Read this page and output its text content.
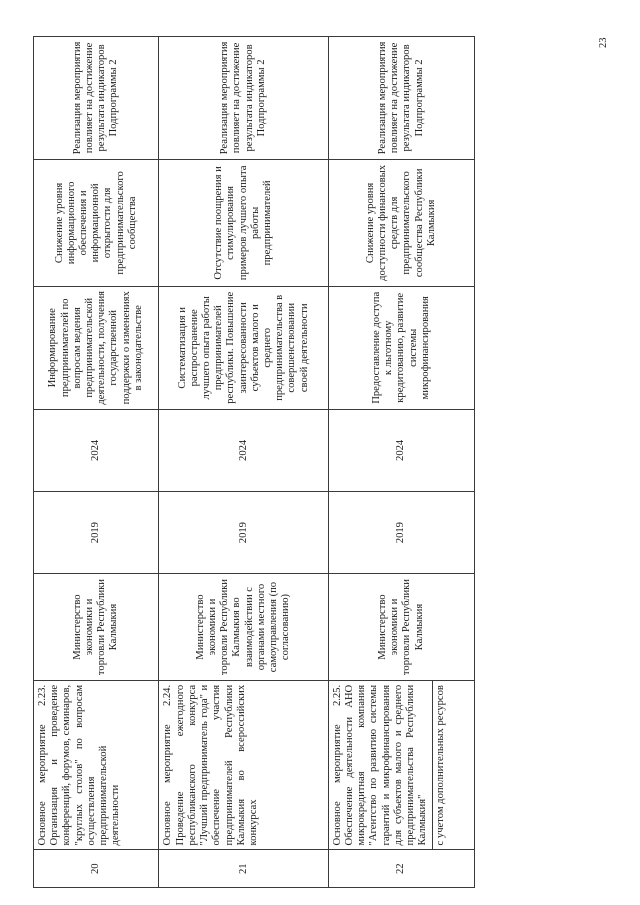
23
20	Основное мероприятие 2.23. Организация и проведение конференций, форумов, семинаров, "круглых столов" по вопросам осуществления предпринимательской деятельности	Министерство экономики и торговли Республики Калмыкия	2019	2024	Информирование предпринимателей по вопросам ведения предпринимательской деятельности, получения государственной поддержки о изменениях в законодательстве	Снижение уровня информационного обеспечения и информационной открытости для предпринимательского сообщества	Реализация мероприятия повлияет на достижение результата индикаторов Подпрограммы 2
21	Основное мероприятие 2.24. Проведение ежегодного республиканского конкурса "Лучший предприниматель года" и обеспечение участия предпринимателей Республики Калмыкия во всероссийских конкурсах	Министерство экономики и торговли Республики Калмыкия во взаимодействии с органами местного самоуправления (по согласованию)	2019	2024	Систематизация и распространение лучшего опыта работы предпринимателей республики. Повышение заинтересованности субъектов малого и среднего предпринимательства в совершенствовании своей деятельности	Отсутствие поощрения и стимулирования примеров лучшего опыта работы предпринимателей	Реализация мероприятия повлияет на достижение результата индикаторов Подпрограммы 2
22	Основное мероприятие 2.25. Обеспечение деятельности АНО микрокредитная компания "Агентство по развитию системы гарантий и микрофинансирования для субъектов малого и среднего предпринимательства Республики Калмыкия" с учетом дополнительных ресурсов	Министерство экономики и торговли Республики Калмыкия	2019	2024	Предоставление доступа к льготному кредитованию, развитие системы микрофинансирования	Снижение уровня доступности финансовых средств для предпринимательского сообщества Республики Калмыкия	Реализация мероприятия повлияет на достижение результата индикаторов Подпрограммы 2
